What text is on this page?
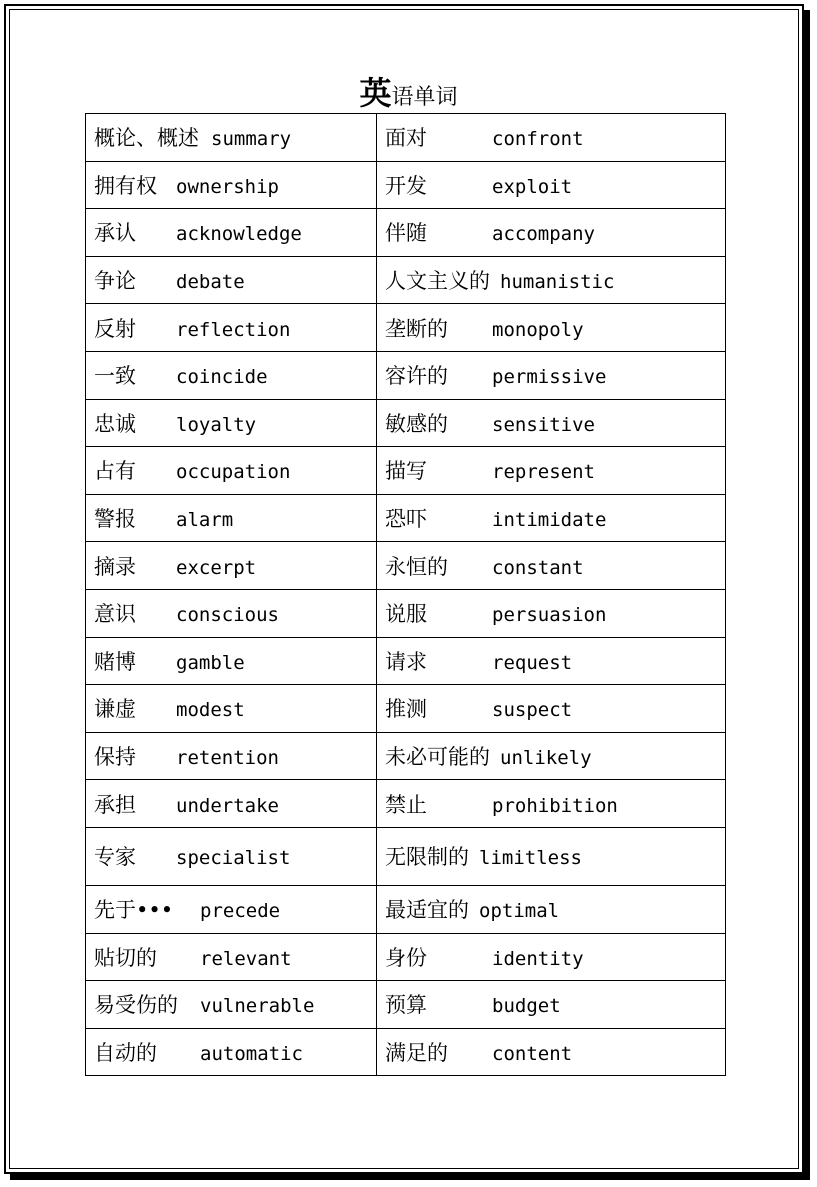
英语单词
概论、概述 summary	面对 confront
拥有权 ownership	开发 exploit
承认 acknowledge	伴随 accompany
争论 debate	人文主义的 humanistic
反射 reflection	垄断的 monopoly
一致 coincide	容许的 permissive
忠诚 loyalty	敏感的 sensitive
占有 occupation	描写 represent
警报 alarm	恐吓 intimidate
摘录 excerpt	永恒的 constant
意识 conscious	说服 persuasion
赌博 gamble	请求 request
谦虚 modest	推测 suspect
保持 retention	未必可能的 unlikely
承担 undertake	禁止 prohibition
专家 specialist	无限制的 limitless
先于••• precede	最适宜的 optimal
贴切的 relevant	身份 identity
易受伤的 vulnerable	预算 budget
自动的 automatic	满足的 content
